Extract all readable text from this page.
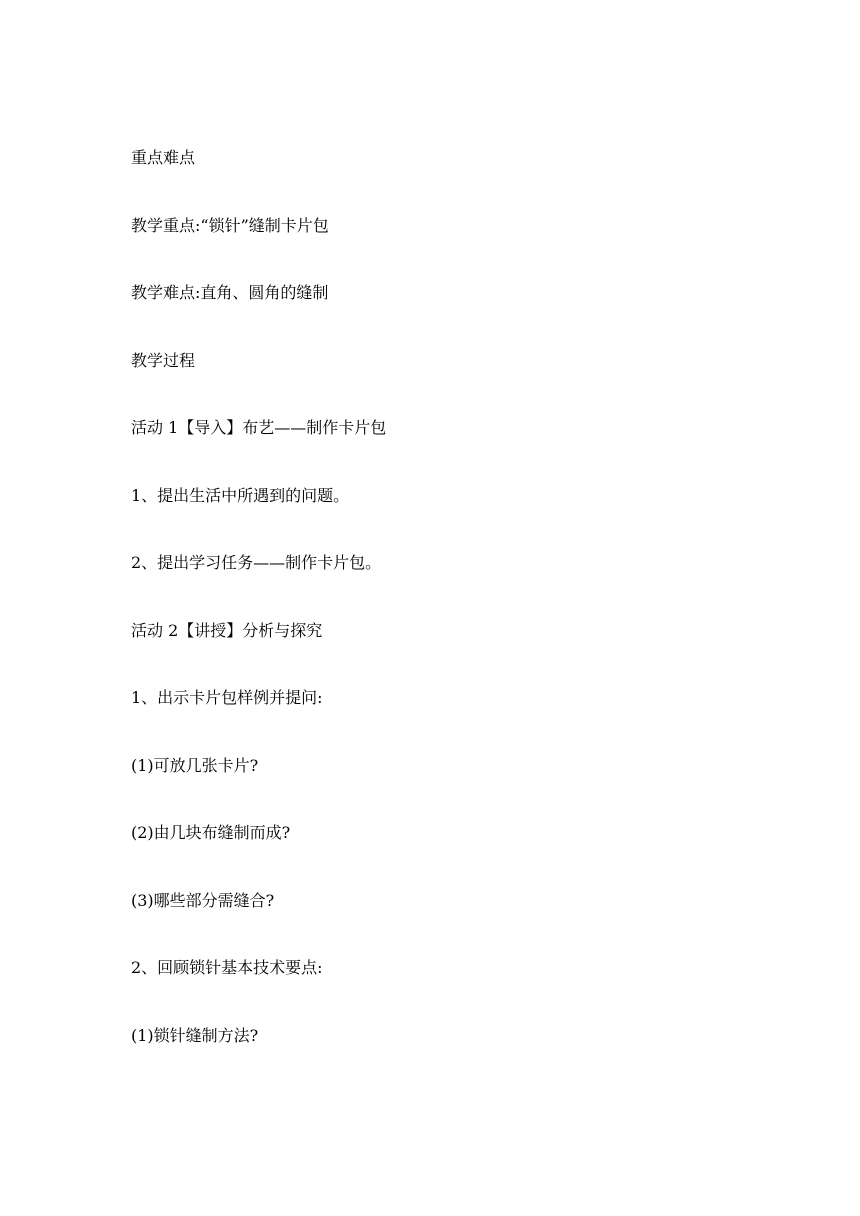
重点难点
教学重点:“锁针”缝制卡片包
教学难点:直角、圆角的缝制
教学过程
活动 1【导入】布艺——制作卡片包
1、提出生活中所遇到的问题。
2、提出学习任务——制作卡片包。
活动 2【讲授】分析与探究
1、出示卡片包样例并提问:
(1)可放几张卡片?
(2)由几块布缝制而成?
(3)哪些部分需缝合?
2、回顾锁针基本技术要点:
(1)锁针缝制方法?
